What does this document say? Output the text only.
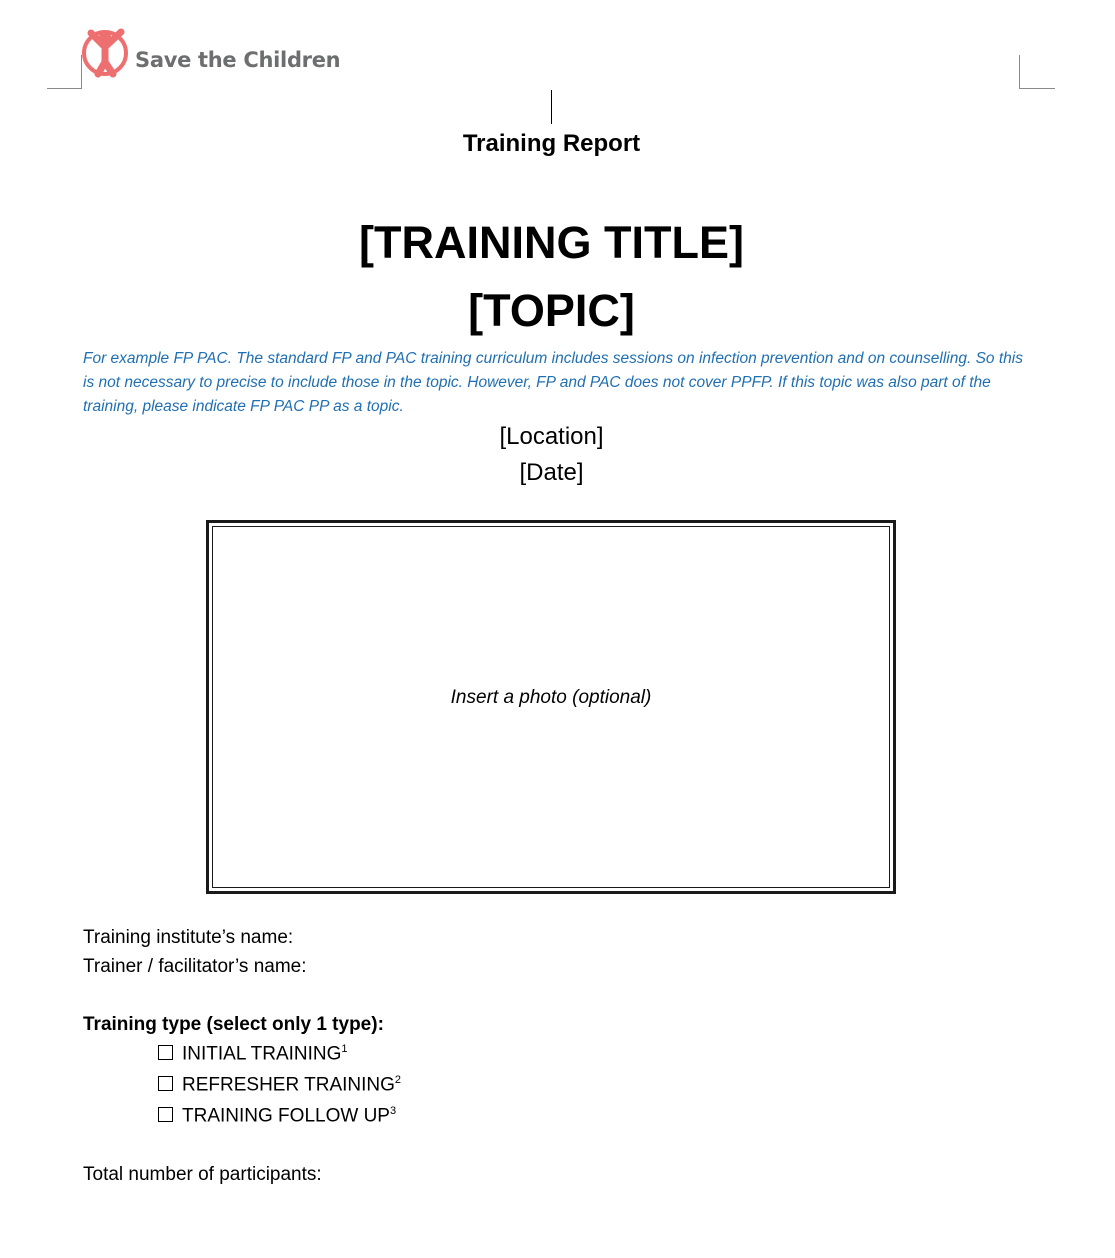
Save the Children
Training Report
[TRAINING TITLE]
[TOPIC]
For example FP PAC. The standard FP and PAC training curriculum includes sessions on infection prevention and on counselling. So this is not necessary to precise to include those in the topic. However, FP and PAC does not cover PPFP. If this topic was also part of the training, please indicate FP PAC PP as a topic.
[Location]
[Date]
Insert a photo (optional)
Training institute’s name:
Trainer / facilitator’s name:
Training type (select only 1 type):
INITIAL TRAINING$^1$
REFRESHER TRAINING$^2$
TRAINING FOLLOW $UP^3$
Total number of participants:
